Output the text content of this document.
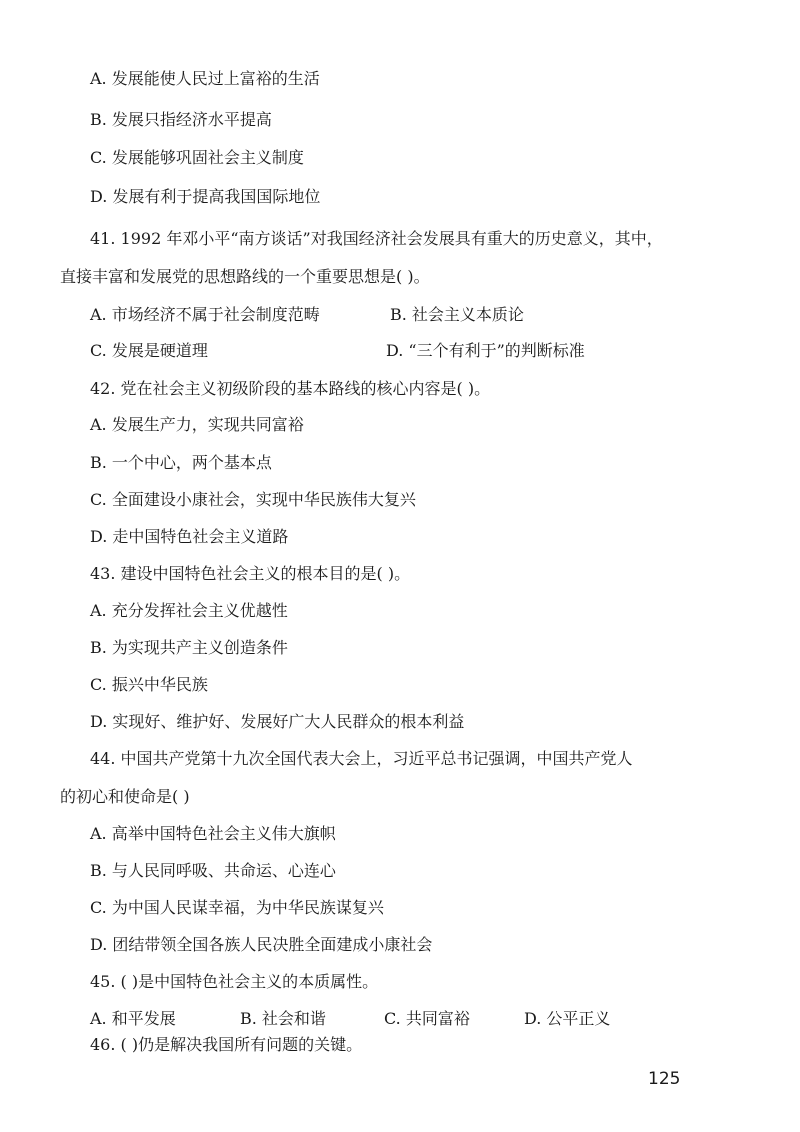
A. 发展能使人民过上富裕的生活
B. 发展只指经济水平提高
C. 发展能够巩固社会主义制度
D. 发展有利于提高我国国际地位
41. 1992 年邓小平“南方谈话”对我国经济社会发展具有重大的历史意义，其中，
直接丰富和发展党的思想路线的一个重要思想是( )。
A. 市场经济不属于社会制度范畴	B. 社会主义本质论
C. 发展是硬道理	D. “三个有利于”的判断标准
42. 党在社会主义初级阶段的基本路线的核心内容是( )。
A. 发展生产力，实现共同富裕
B. 一个中心，两个基本点
C. 全面建设小康社会，实现中华民族伟大复兴
D. 走中国特色社会主义道路
43. 建设中国特色社会主义的根本目的是( )。
A. 充分发挥社会主义优越性
B. 为实现共产主义创造条件
C. 振兴中华民族
D. 实现好、维护好、发展好广大人民群众的根本利益
44. 中国共产党第十九次全国代表大会上，习近平总书记强调，中国共产党人
的初心和使命是( )
A. 高举中国特色社会主义伟大旗帜
B. 与人民同呼吸、共命运、心连心
C. 为中国人民谋幸福，为中华民族谋复兴
D. 团结带领全国各族人民决胜全面建成小康社会
45. ( )是中国特色社会主义的本质属性。
A. 和平发展	B. 社会和谐	C. 共同富裕	D. 公平正义
46. ( )仍是解决我国所有问题的关键。
125
